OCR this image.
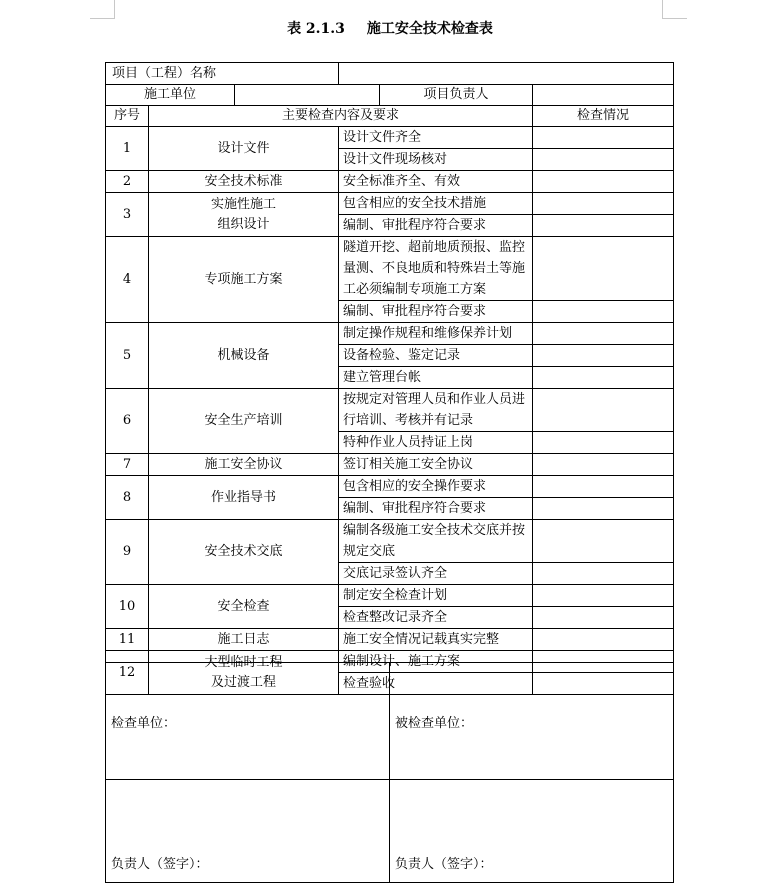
表 2.1.3 施工安全技术检查表
项目（工程）名称					
施工单位				项目负责人	
序号	主要检查内容及要求				检查情况
1	设计文件		设计文件齐全		
			设计文件现场核对		
2	安全技术标准		安全标准齐全、有效		
3	实施性施工
组织设计		包含相应的安全技术措施		
			编制、审批程序符合要求		
4	专项施工方案		隧道开挖、超前地质预报、监控量测、不良地质和特殊岩土等施工必须编制专项施工方案		
			编制、审批程序符合要求		
5	机械设备		制定操作规程和维修保养计划		
			设备检验、鉴定记录		
			建立管理台帐		
6	安全生产培训		按规定对管理人员和作业人员进行培训、考核并有记录		
			特种作业人员持证上岗		
7	施工安全协议		签订相关施工安全协议		
8	作业指导书		包含相应的安全操作要求		
			编制、审批程序符合要求		
9	安全技术交底		编制各级施工安全技术交底并按规定交底		
			交底记录签认齐全		
10	安全检查		制定安全检查计划		
			检查整改记录齐全		
11	施工日志		施工安全情况记载真实完整		
12	大型临时工程
及过渡工程		编制设计、施工方案		
			检查验收		
检查单位：	被检查单位：
负责人（签字）：	负责人（签字）：
